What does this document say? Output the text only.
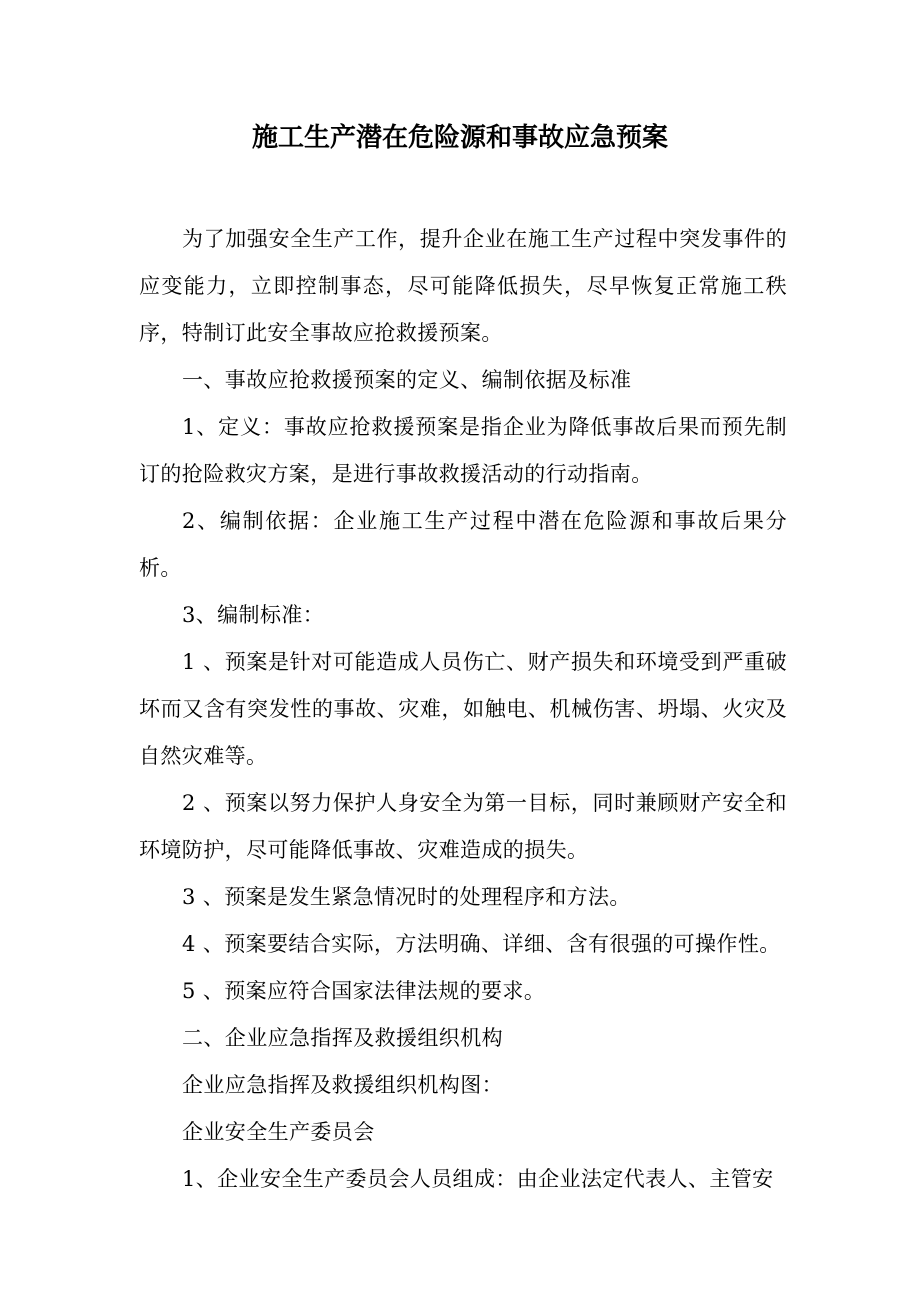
施工生产潜在危险源和事故应急预案

为了加强安全生产工作，提升企业在施工生产过程中突发事件的应变能力，立即控制事态，尽可能降低损失，尽早恢复正常施工秩序，特制订此安全事故应抢救援预案。

一、事故应抢救援预案的定义、编制依据及标准

1、定义：事故应抢救援预案是指企业为降低事故后果而预先制订的抢险救灾方案，是进行事故救援活动的行动指南。

2、编制依据：企业施工生产过程中潜在危险源和事故后果分析。

3、编制标准：

1 、预案是针对可能造成人员伤亡、财产损失和环境受到严重破坏而又含有突发性的事故、灾难，如触电、机械伤害、坍塌、火灾及自然灾难等。

2 、预案以努力保护人身安全为第一目标，同时兼顾财产安全和环境防护，尽可能降低事故、灾难造成的损失。

3 、预案是发生紧急情况时的处理程序和方法。

4 、预案要结合实际，方法明确、详细、含有很强的可操作性。

5 、预案应符合国家法律法规的要求。

二、企业应急指挥及救援组织机构

企业应急指挥及救援组织机构图：

企业安全生产委员会

1、企业安全生产委员会人员组成：由企业法定代表人、主管安
